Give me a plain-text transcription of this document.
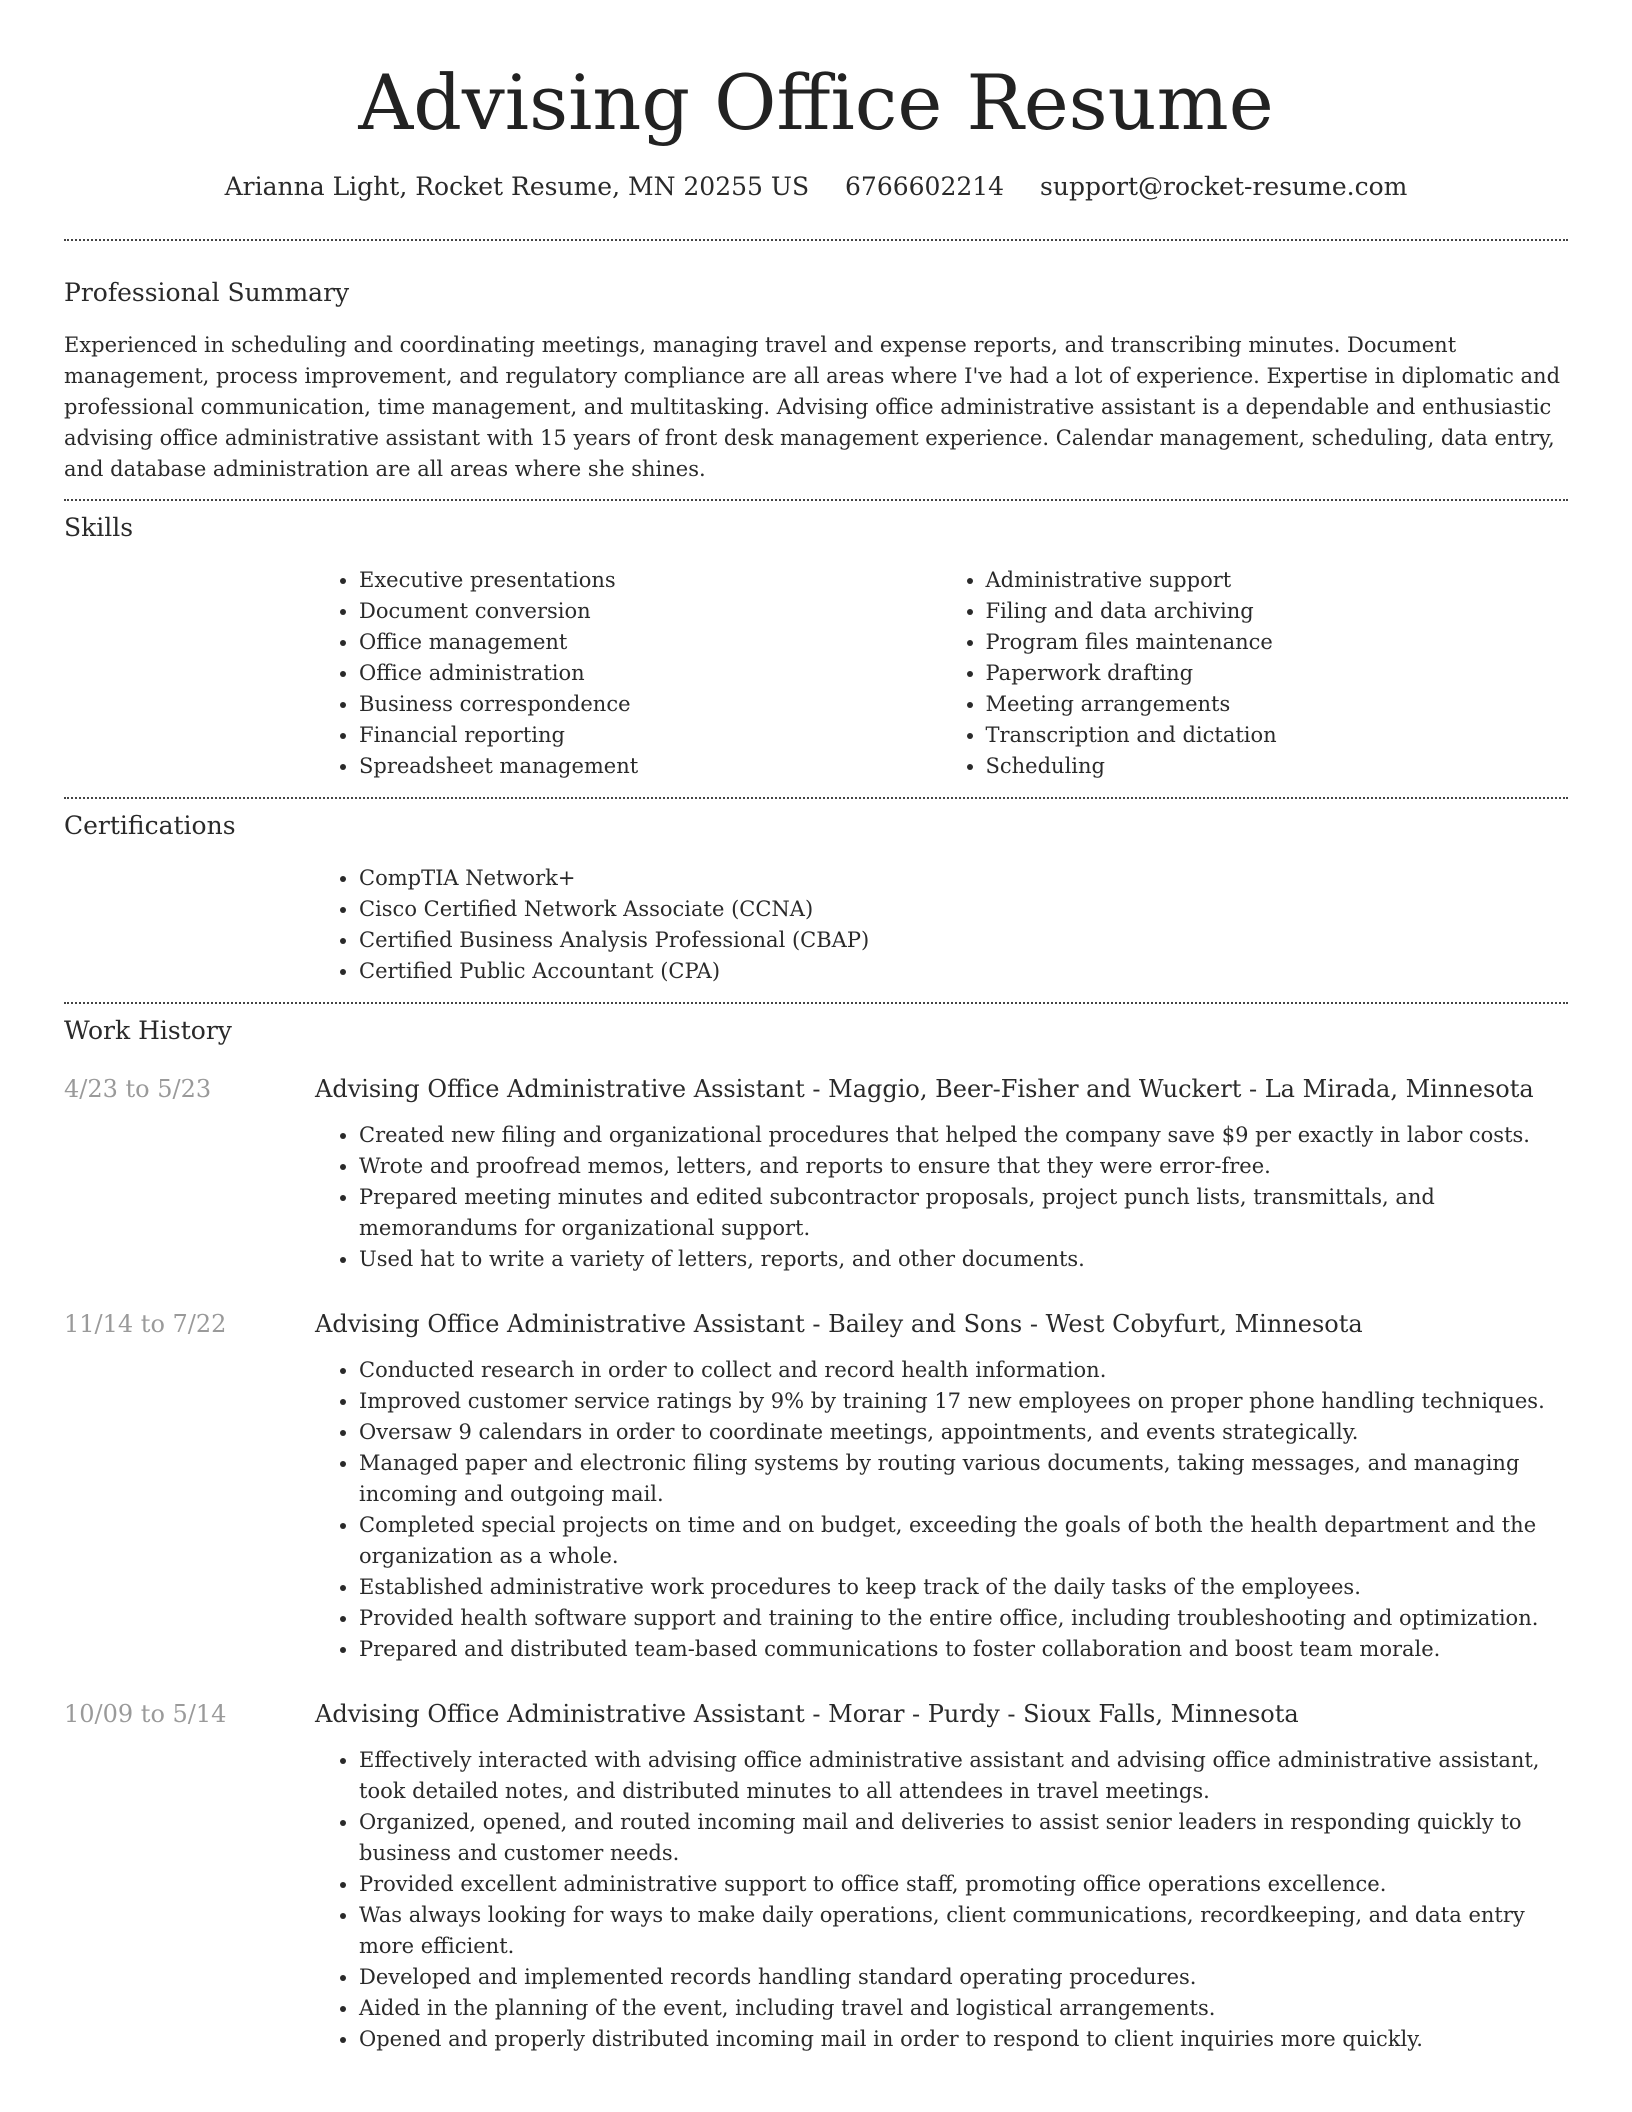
Advising Office Resume
Arianna Light, Rocket Resume, MN 20255 US 6766602214 support@rocket-resume.com
Professional Summary

Experienced in scheduling and coordinating meetings, managing travel and expense reports, and transcribing minutes. Document management, process improvement, and regulatory compliance are all areas where I've had a lot of experience. Expertise in diplomatic and professional communication, time management, and multitasking. Advising office administrative assistant is a dependable and enthusiastic advising office administrative assistant with 15 years of front desk management experience. Calendar management, scheduling, data entry, and database administration are all areas where she shines.

Skills
• Executive presentations
• Document conversion
• Office management
• Office administration
• Business correspondence
• Financial reporting
• Spreadsheet management
• Administrative support
• Filing and data archiving
• Program files maintenance
• Paperwork drafting
• Meeting arrangements
• Transcription and dictation
• Scheduling
Certifications
• CompTIA Network+
• Cisco Certified Network Associate (CCNA)
• Certified Business Analysis Professional (CBAP)
• Certified Public Accountant (CPA)
Work History
4/23 to 5/23	Advising Office Administrative Assistant - Maggio, Beer-Fisher and Wuckert - La Mirada, Minnesota
• Created new filing and organizational procedures that helped the company save $9 per exactly in labor costs.
• Wrote and proofread memos, letters, and reports to ensure that they were error-free.
• Prepared meeting minutes and edited subcontractor proposals, project punch lists, transmittals, and memorandums for organizational support.
• Used hat to write a variety of letters, reports, and other documents.
11/14 to 7/22	Advising Office Administrative Assistant - Bailey and Sons - West Cobyfurt, Minnesota
• Conducted research in order to collect and record health information.
• Improved customer service ratings by 9% by training 17 new employees on proper phone handling techniques.
• Oversaw 9 calendars in order to coordinate meetings, appointments, and events strategically.
• Managed paper and electronic filing systems by routing various documents, taking messages, and managing incoming and outgoing mail.
• Completed special projects on time and on budget, exceeding the goals of both the health department and the organization as a whole.
• Established administrative work procedures to keep track of the daily tasks of the employees.
• Provided health software support and training to the entire office, including troubleshooting and optimization.
• Prepared and distributed team-based communications to foster collaboration and boost team morale.
10/09 to 5/14	Advising Office Administrative Assistant - Morar - Purdy - Sioux Falls, Minnesota
• Effectively interacted with advising office administrative assistant and advising office administrative assistant, took detailed notes, and distributed minutes to all attendees in travel meetings.
• Organized, opened, and routed incoming mail and deliveries to assist senior leaders in responding quickly to business and customer needs.
• Provided excellent administrative support to office staff, promoting office operations excellence.
• Was always looking for ways to make daily operations, client communications, recordkeeping, and data entry more efficient.
• Developed and implemented records handling standard operating procedures.
• Aided in the planning of the event, including travel and logistical arrangements.
• Opened and properly distributed incoming mail in order to respond to client inquiries more quickly.
